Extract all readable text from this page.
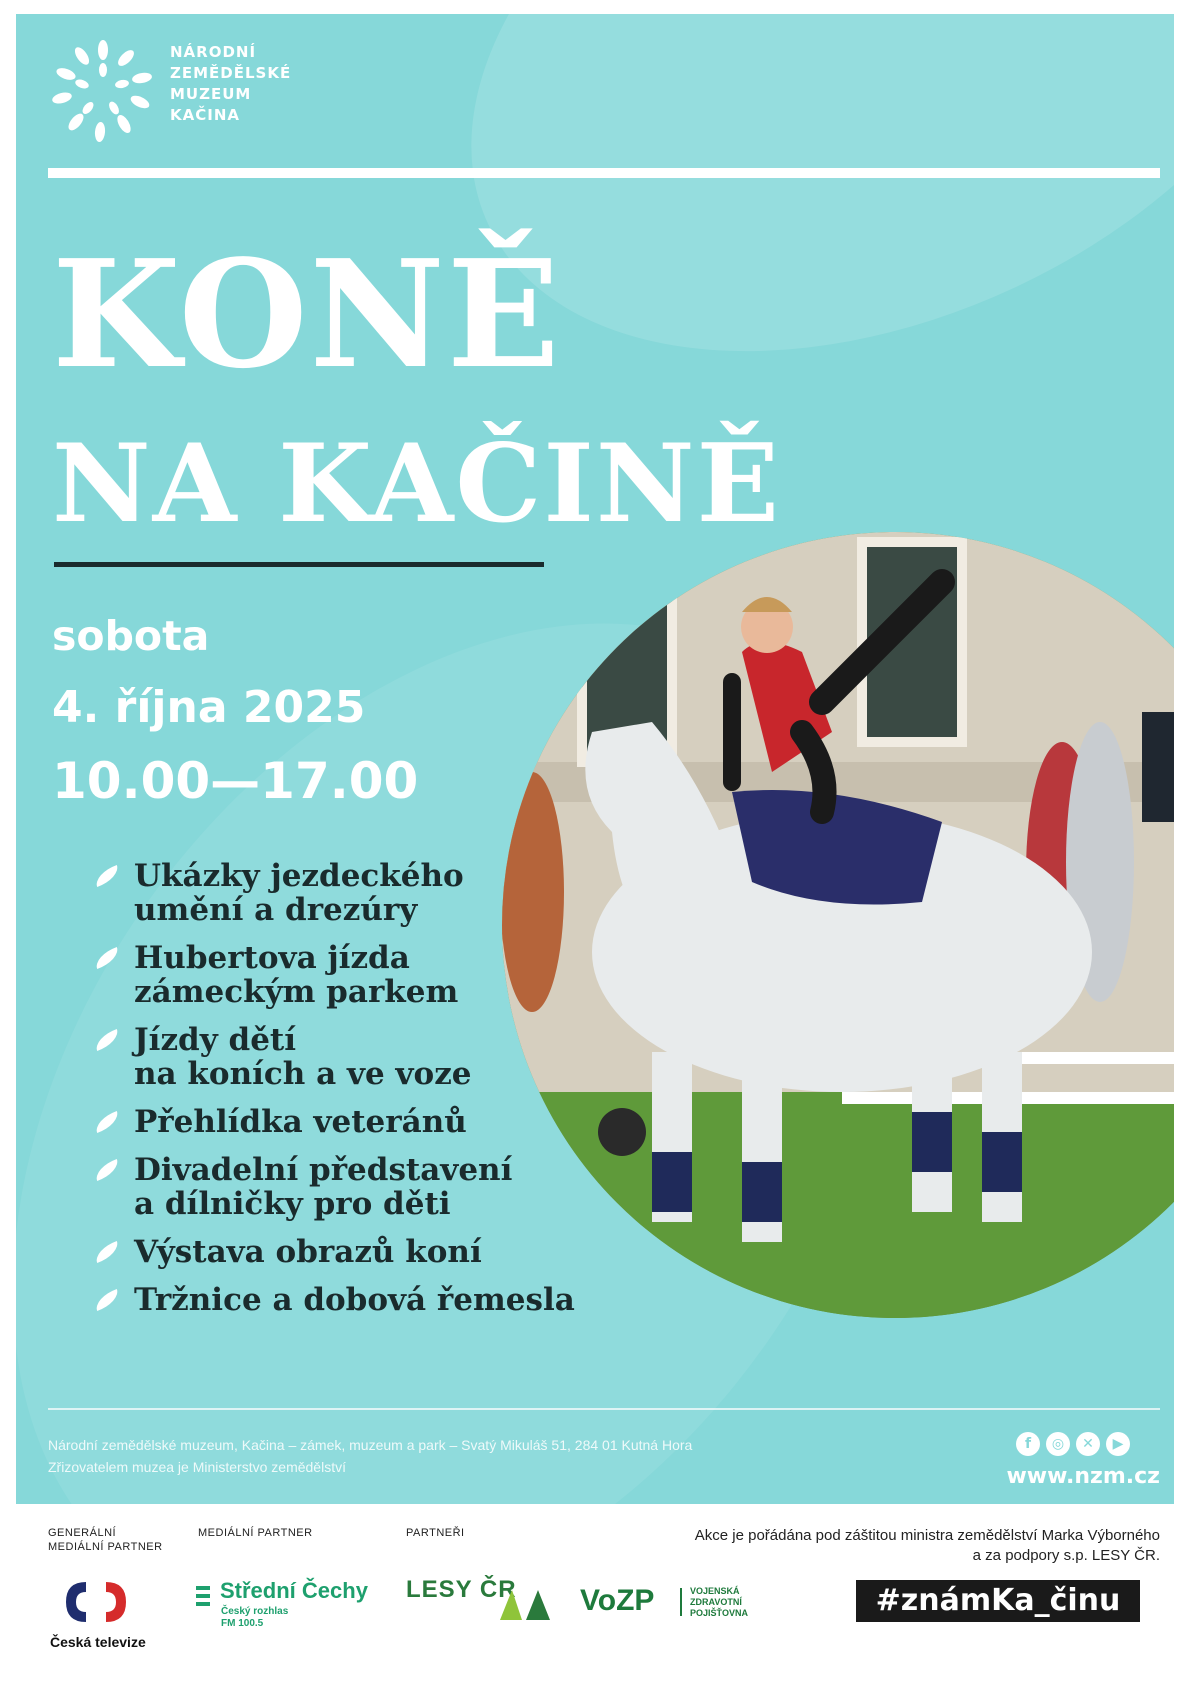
NÁRODNÍ
ZEMĚDĚLSKÉ
MUZEUM
KAČINA
KONĚ
NA KAČINĚ
sobota
4. října 2025
10.00—17.00
Ukázky jezdeckého
umění a drezúry
Hubertova jízda
zámeckým parkem
Jízdy dětí
na koních a ve voze
Přehlídka veteránů
Divadelní představení
a dílničky pro děti
Výstava obrazů koní
Tržnice a dobová řemesla
Národní zemědělské muzeum, Kačina – zámek, muzeum a park – Svatý Mikuláš 51, 284 01 Kutná Hora
Zřizovatelem muzea je Ministerstvo zemědělství
f	◎	✕	▶
www.nzm.cz
GENERÁLNÍ
MEDIÁLNÍ PARTNER
MEDIÁLNÍ PARTNER	PARTNEŘI	Akce je pořádána pod záštitou ministra zemědělství Marka Výborného
a za podpory s.p. LESY ČR.
Česká televize
Střední Čechy
Český rozhlas
FM 100.5
LESY ČR VoZP	VOJENSKÁ
ZDRAVOTNÍ
POJIŠŤOVNA	#známKa_činu
